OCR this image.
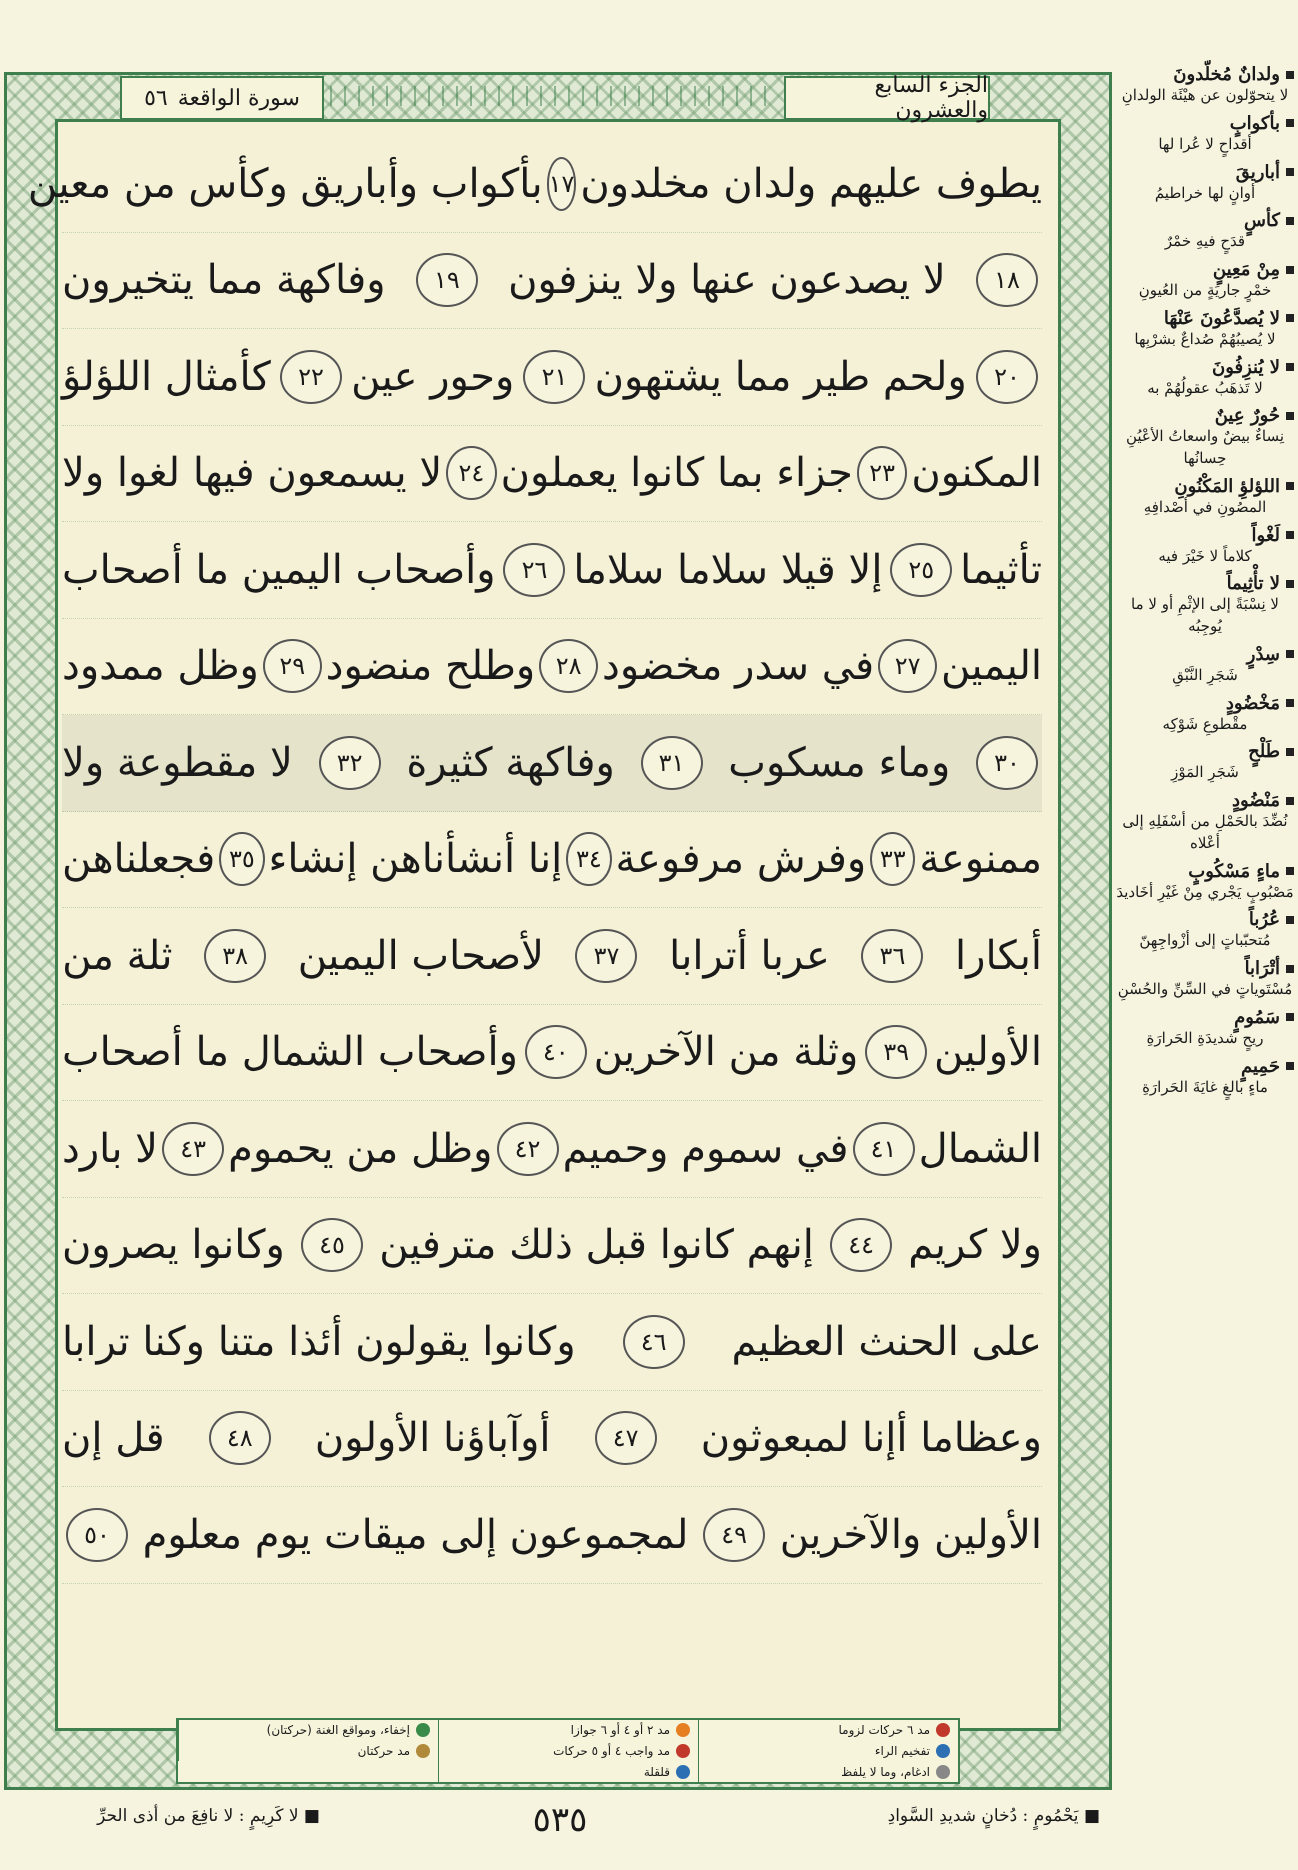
الجزء السابع والعشرون
سورة الواقعة
٥٦
يطوف عليهم ولدان مخلدون
١٧
بأكواب وأباريق وكأس من معين
١٨
لا يصدعون عنها ولا ينزفون
١٩
وفاكهة مما يتخيرون
٢٠
ولحم طير مما يشتهون
٢١
وحور عين
٢٢
كأمثال اللؤلؤ
المكنون
٢٣
جزاء بما كانوا يعملون
٢٤
لا يسمعون فيها لغوا ولا
تأثيما
٢٥
إلا قيلا سلاما سلاما
٢٦
وأصحاب اليمين ما أصحاب
اليمين
٢٧
في سدر مخضود
٢٨
وطلح منضود
٢٩
وظل ممدود
٣٠
وماء مسكوب
٣١
وفاكهة كثيرة
٣٢
لا مقطوعة ولا
ممنوعة
٣٣
وفرش مرفوعة
٣٤
إنا أنشأناهن إنشاء
٣٥
فجعلناهن
أبكارا
٣٦
عربا أترابا
٣٧
لأصحاب اليمين
٣٨
ثلة من
الأولين
٣٩
وثلة من الآخرين
٤٠
وأصحاب الشمال ما أصحاب
الشمال
٤١
في سموم وحميم
٤٢
وظل من يحموم
٤٣
لا بارد
ولا كريم
٤٤
إنهم كانوا قبل ذلك مترفين
٤٥
وكانوا يصرون
على الحنث العظيم
٤٦
وكانوا يقولون أئذا متنا وكنا ترابا
وعظاما أإنا لمبعوثون
٤٧
أوآباؤنا الأولون
٤٨
قل إن
الأولين والآخرين
٤٩
لمجموعون إلى ميقات يوم معلوم
٥٠
مد ٦ حركات لزوما
مد ٢ أو ٤ أو ٦ جوازا
إخفاء، ومواقع الغنة (حركتان)
تفخيم الراء
مد واجب ٤ أو ٥ حركات
مد حركتان
ادغام، وما لا يلفظ
قلقلة
ولدانٌ مُخلّدونَ
لا يتحوّلون عن هيْئَة الولدانِ
بأكوابٍ
أقداحٍ لا عُرا لها
أباريقَ
أوانٍ لها خراطيمُ
كأسٍ
قدَحٍ فيهِ خمْرٌ
مِنْ مَعِينٍ
خمْرٍ جاريَةٍ من العُيونِ
لا يُصدَّعُونَ عَنْهَا
لا يُصيبُهُمْ صُداعٌ بشرْبِها
لا يُنزِفُونَ
لا تَذهَبُ عقولُهُمْ به
حُورٌ عِينٌ
نِساءٌ بيضٌ واسعاتُ الأعْيُنِ حِسانُها
اللؤلؤِ المَكْنُونِ
المصُونِ في أصْدافِهِ
لَغْواً
كلاماً لا خَيْرَ فيه
لا تأْثِيماً
لا نِسْبَةً إلى الإثْمِ أو لا ما يُوجِبُه
سِدْرٍ
شَجَرِ النَّبْقِ
مَخْضُودٍ
مقْطوعِ شَوْكِه
طَلْحٍ
شَجَرِ المَوْزِ
مَنْضُودٍ
نُضِّدَ بالحَمْلِ من أسْفَلِهِ إلى أعْلاه
ماءٍ مَسْكُوبٍ
مَصْبُوبٍ يَجْري مِنْ غَيْرِ أخَاديدَ
عُرُباً
مُتحبّباتٍ إلى أزْواجِهِنّ
أتْرَاباً
مُسْتَوياتٍ في السِّنِّ والحُسْنِ
سَمُومٍ
ريحٍ شديدَةِ الحَرارَةِ
حَمِيمٍ
ماءٍ بالغٍ غايَةَ الحَرارَةِ
■ يَحْمُومٍ : دُخانٍ شديدِ السَّوادِ
٥٣٥
■ لا كَرِيمٍ : لا نافِعَ من أذى الحرِّ
